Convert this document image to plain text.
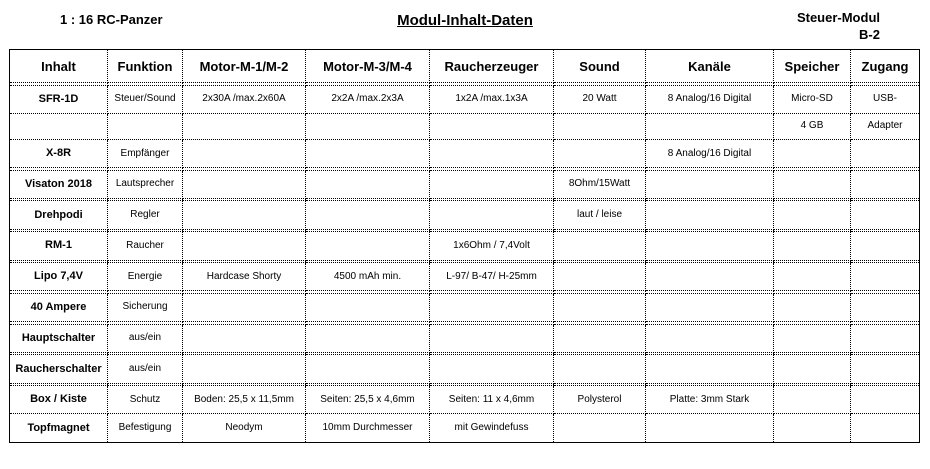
1 : 16 RC-Panzer	Modul-Inhalt-Daten	Steuer-Modul
B-2
Inhalt	Funktion	Motor-M-1/M-2	Motor-M-3/M-4	Raucherzeuger	Sound	Kanäle	Speicher	Zugang

SFR-1D	Steuer/Sound	2x30A /max.2x60A	2x2A /max.2x3A	1x2A /max.1x3A	20 Watt	8 Analog/16 Digital	Micro-SD	USB-
							4 GB	Adapter
X-8R	Empfänger					8 Analog/16 Digital		

Visaton 2018	Lautsprecher				8Ohm/15Watt			

Drehpodi	Regler				laut / leise			

RM-1	Raucher			1x6Ohm / 7,4Volt				

Lipo 7,4V	Energie	Hardcase Shorty	4500 mAh min.	L-97/ B-47/ H-25mm				

40 Ampere	Sicherung							

Hauptschalter	aus/ein							

Raucherschalter	aus/ein							

Box / Kiste	Schutz	Boden: 25,5 x 11,5mm	Seiten: 25,5 x 4,6mm	Seiten: 11 x 4,6mm	Polysterol	Platte: 3mm Stark		
Topfmagnet	Befestigung	Neodym	10mm Durchmesser	mit Gewindefuss				
